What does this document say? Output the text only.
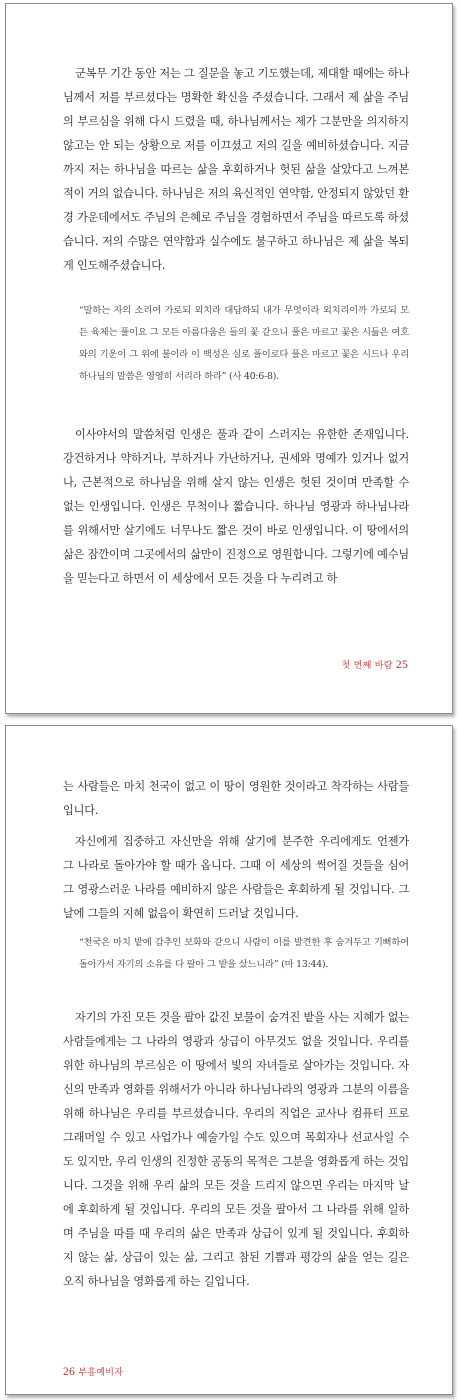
군복무 기간 동안 저는 그 질문을 놓고 기도했는데, 제대할 때에는 하나님께서 저를 부르셨다는 명확한 확신을 주셨습니다. 그래서 제 삶을 주님의 부르심을 위해 다시 드렸을 때, 하나님께서는 제가 그분만을 의지하지 않고는 안 되는 상황으로 저를 이끄셨고 저의 길을 예비하셨습니다. 지금까지 저는 하나님을 따르는 삶을 후회하거나 헛된 삶을 살았다고 느껴본 적이 거의 없습니다. 하나님은 저의 육신적인 연약함, 안정되지 않았던 환경 가운데에서도 주님의 은혜로 주님을 경험하면서 주님을 따르도록 하셨습니다. 저의 수많은 연약함과 실수에도 불구하고 하나님은 제 삶을 복되게 인도해주셨습니다.

“말하는 자의 소리여 가로되 외치라 대답하되 내가 무엇이라 외치리이까 가로되 모든 육체는 풀이요 그 모든 아름다움은 들의 꽃 같으니 풀은 마르고 꽃은 시듦은 여호와의 기운이 그 위에 불이라 이 백성은 실로 풀이로다 풀은 마르고 꽃은 시드나 우리 하나님의 말씀은 영영히 서리라 하라” (사 40:6-8).

이사야서의 말씀처럼 인생은 풀과 같이 스러지는 유한한 존재입니다. 강건하거나 약하거나, 부하거나 가난하거나, 권세와 명예가 있거나 없거나, 근본적으로 하나님을 위해 살지 않는 인생은 헛된 것이며 만족할 수 없는 인생입니다. 인생은 무척이나 짧습니다. 하나님 영광과 하나님나라를 위해서만 살기에도 너무나도 짧은 것이 바로 인생입니다. 이 땅에서의 삶은 잠깐이며 그곳에서의 삶만이 진정으로 영원합니다. 그렇기에 예수님을 믿는다고 하면서 이 세상에서 모든 것을 다 누리려고 하

첫 번째 바람 25

는 사람들은 마치 천국이 없고 이 땅이 영원한 것이라고 착각하는 사람들입니다.

자신에게 집중하고 자신만을 위해 살기에 분주한 우리에게도 언젠가 그 나라로 돌아가야 할 때가 옵니다. 그때 이 세상의 썩어질 것들을 심어 그 영광스러운 나라를 예비하지 않은 사람들은 후회하게 될 것입니다. 그날에 그들의 지혜 없음이 확연히 드러날 것입니다.

“천국은 마치 밭에 감추인 보화와 같으니 사람이 이를 발견한 후 숨겨두고 기뻐하여 돌아가서 자기의 소유를 다 팔아 그 밭을 샀느니라” (마 13:44).

자기의 가진 모든 것을 팔아 값진 보물이 숨겨진 밭을 사는 지혜가 없는 사람들에게는 그 나라의 영광과 상급이 아무것도 없을 것입니다. 우리를 위한 하나님의 부르심은 이 땅에서 빛의 자녀들로 살아가는 것입니다. 자신의 만족과 영화를 위해서가 아니라 하나님나라의 영광과 그분의 이름을 위해 하나님은 우리를 부르셨습니다. 우리의 직업은 교사나 컴퓨터 프로그래머일 수 있고 사업가나 예술가일 수도 있으며 목회자나 선교사일 수도 있지만, 우리 인생의 진정한 공동의 목적은 그분을 영화롭게 하는 것입니다. 그것을 위해 우리 삶의 모든 것을 드리지 않으면 우리는 마지막 날에 후회하게 될 것입니다. 우리의 모든 것을 팔아서 그 나라를 위해 일하며 주님을 따를 때 우리의 삶은 만족과 상급이 있게 될 것입니다. 후회하지 않는 삶, 상급이 있는 삶, 그리고 참된 기쁨과 평강의 삶을 얻는 길은 오직 하나님을 영화롭게 하는 길입니다.

26 부흥예비자
